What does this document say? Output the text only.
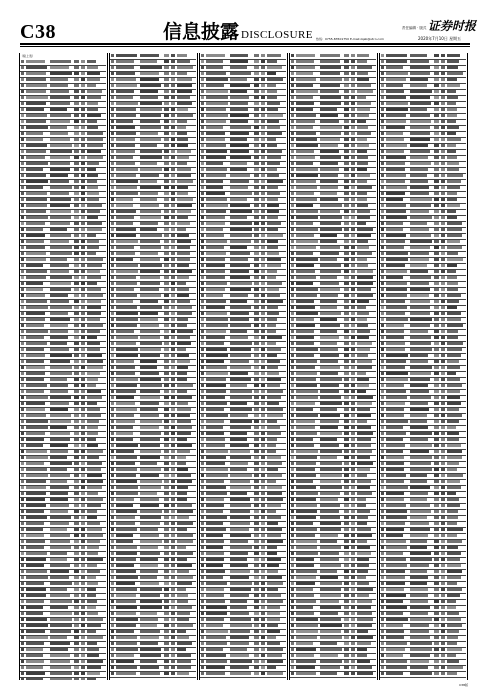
C38	信息披露 DISCLOSURE
证券时报
责任编辑 · 版式
热线：0755-83501750 E-mail:zqsb@stcn.com	2020年7月10日 星期五
（续上表）
C38版
